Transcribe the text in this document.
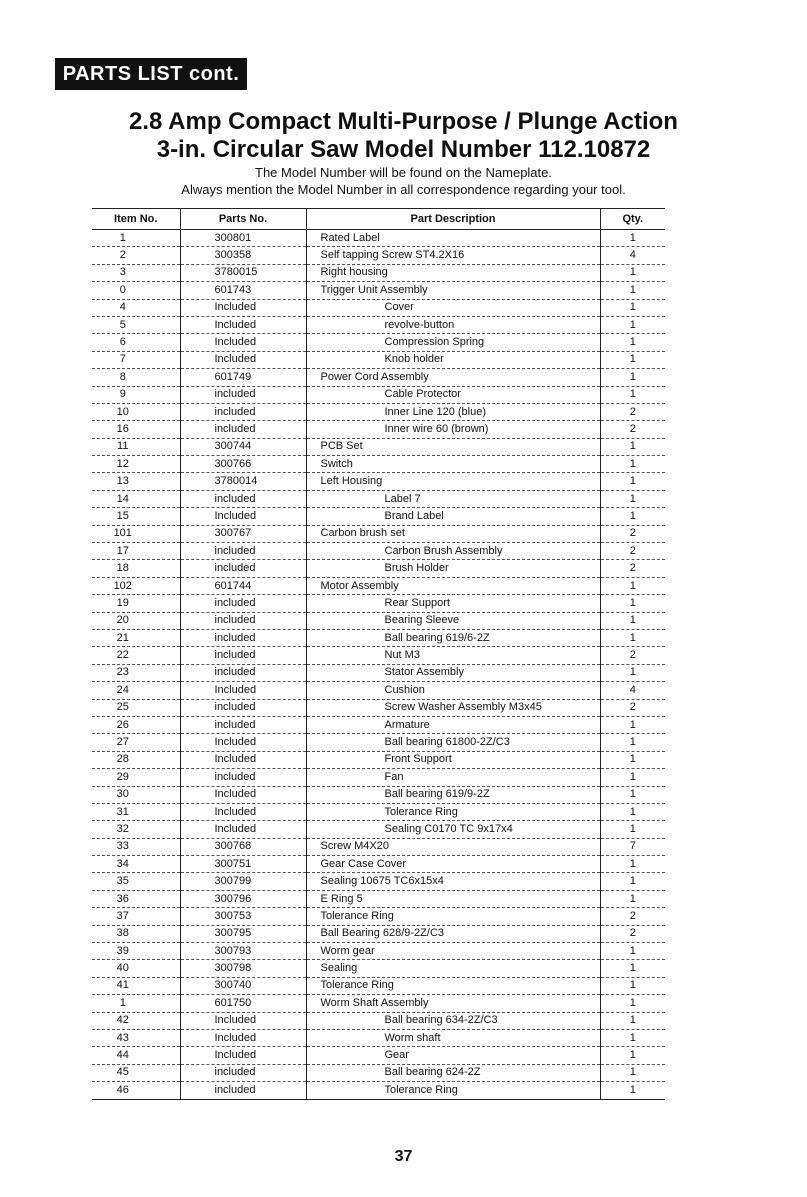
PARTS LIST cont.
2.8 Amp Compact Multi-Purpose / Plunge Action
3-in. Circular Saw Model Number 112.10872
The Model Number will be found on the Nameplate.
Always mention the Model Number in all correspondence regarding your tool.
Item No.	Parts No.	Part Description	Qty.
1	300801	Rated Label	1
2	300358	Self tapping Screw ST4.2X16	4
3	3780015	Right housing	1
0	601743	Trigger Unit Assembly	1
4	Included	Cover	1
5	Included	revolve-button	1
6	Included	Compression Spring	1
7	Included	Knob holder	1
8	601749	Power Cord Assembly	1
9	included	Cable Protector	1
10	included	Inner Line 120 (blue)	2
16	included	Inner wire 60 (brown)	2
11	300744	PCB Set	1
12	300766	Switch	1
13	3780014	Left Housing	1
14	included	Label 7	1
15	Included	Brand Label	1
101	300767	Carbon brush set	2
17	included	Carbon Brush Assembly	2
18	included	Brush Holder	2
102	601744	Motor Assembly	1
19	included	Rear Support	1
20	included	Bearing Sleeve	1
21	included	Ball bearing 619/6-2Z	1
22	included	Nut M3	2
23	included	Stator Assembly	1
24	Included	Cushion	4
25	included	Screw Washer Assembly M3x45	2
26	included	Armature	1
27	Included	Ball bearing 61800-2Z/C3	1
28	Included	Front Support	1
29	included	Fan	1
30	Included	Ball bearing 619/9-2Z	1
31	Included	Tolerance Ring	1
32	Included	Sealing C0170 TC 9x17x4	1
33	300768	Screw M4X20	7
34	300751	Gear Case Cover	1
35	300799	Sealing 10675 TC6x15x4	1
36	300796	E Ring 5	1
37	300753	Tolerance Ring	2
38	300795	Ball Bearing 628/9-2Z/C3	2
39	300793	Worm gear	1
40	300798	Sealing	1
41	300740	Tolerance Ring	1
1	601750	Worm Shaft Assembly	1
42	Included	Ball bearing 634-2Z/C3	1
43	Included	Worm shaft	1
44	Included	Gear	1
45	included	Ball bearing 624-2Z	1
46	included	Tolerance Ring	1
37
